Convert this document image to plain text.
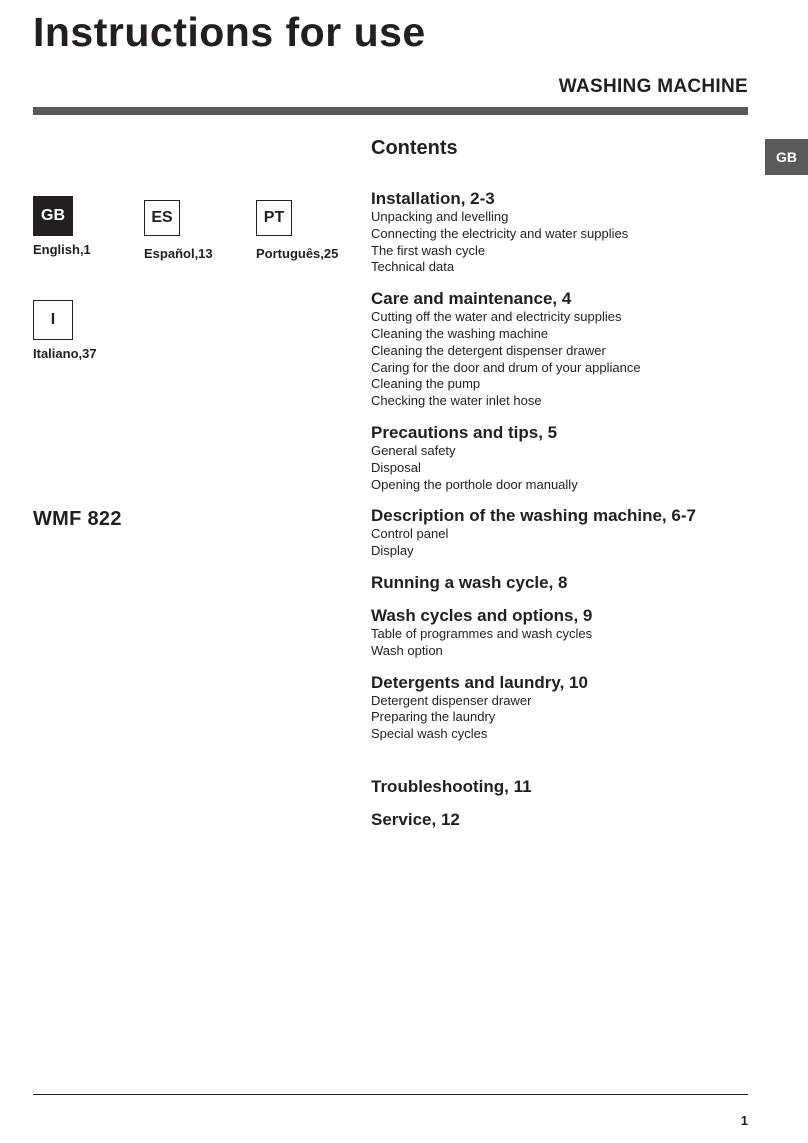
Instructions for use
WASHING MACHINE
GB
GB
English,1
ES
Español,13
PT
Português,25
I
Italiano,37
WMF 822
Contents
Installation, 2-3
Unpacking and levelling
Connecting the electricity and water supplies
The first wash cycle
Technical data
Care and maintenance, 4
Cutting off the water and electricity supplies
Cleaning the washing machine
Cleaning the detergent dispenser drawer
Caring for the door and drum of your appliance
Cleaning the pump
Checking the water inlet hose
Precautions and tips, 5
General safety
Disposal
Opening the porthole door manually
Description of the washing machine, 6-7
Control panel
Display
Running a wash cycle, 8
Wash cycles and options, 9
Table of programmes and wash cycles
Wash option
Detergents and laundry, 10
Detergent dispenser drawer
Preparing the laundry
Special wash cycles
Troubleshooting, 11
Service, 12
1
